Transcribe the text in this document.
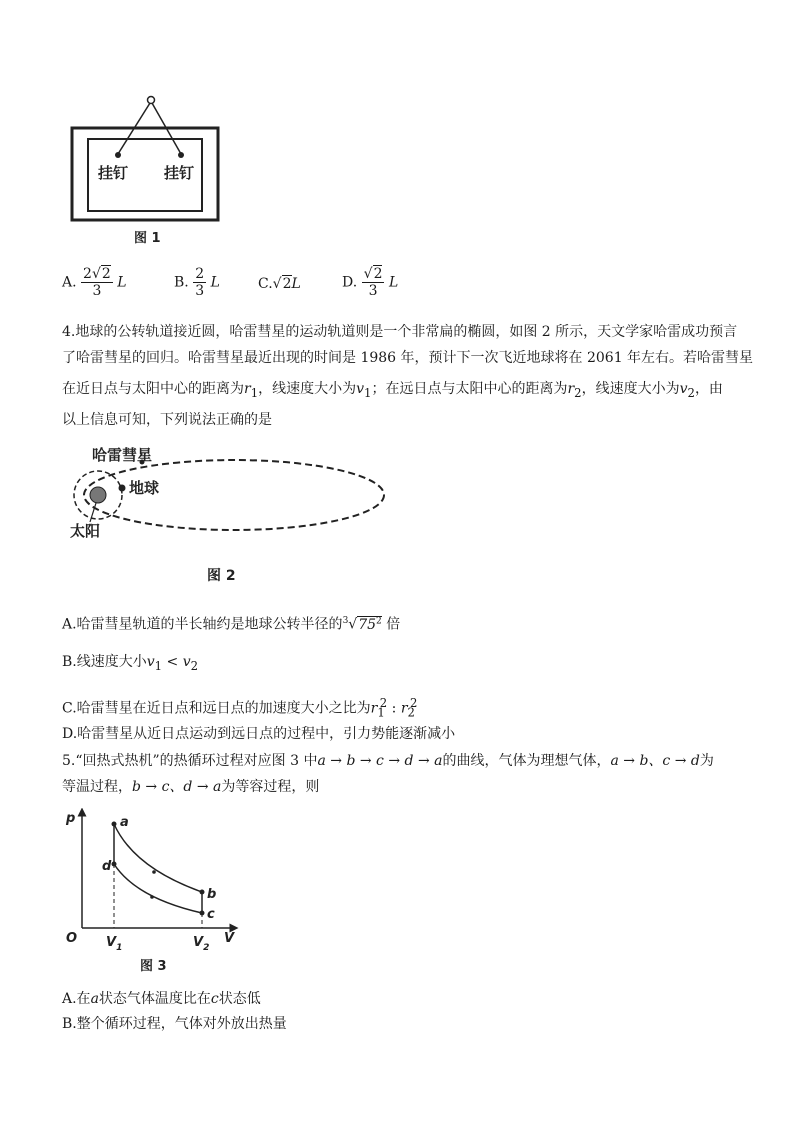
挂钉 挂钉
图 1
A. $\frac{2√2}{3}$ L	B. $\frac{2}{3}$ L	C.√2L	D. $\frac{√2}{3}$ L
4.地球的公转轨道接近圆，哈雷彗星的运动轨道则是一个非常扁的椭圆，如图 2 所示，天文学家哈雷成功预言
了哈雷彗星的回归。哈雷彗星最近出现的时间是 1986 年，预计下一次飞近地球将在 2061 年左右。若哈雷彗星
在近日点与太阳中心的距离为$r_1$，线速度大小为$v_1$；在远日点与太阳中心的距离为$r_2$，线速度大小为$v_2$，由
以上信息可知，下列说法正确的是
哈雷彗星
地球
太阳
图 2
A.哈雷彗星轨道的半长轴约是地球公转半径的$^3√75^2$ 倍
B.线速度大小$v_1 < v_2$
C.哈雷彗星在近日点和远日点的加速度大小之比为$r_1^2$ : $r_2^2$
D.哈雷彗星从近日点运动到远日点的过程中，引力势能逐渐减小
5.“回热式热机”的热循环过程对应图 3 中a → b → c → d → a的曲线，气体为理想气体，a → b、c → d为
等温过程，b → c、d → a为等容过程，则
p
O	V
$V_1$	$V_2$
a
d
b
c
图 3
A.在a状态气体温度比在c状态低
B.整个循环过程，气体对外放出热量
